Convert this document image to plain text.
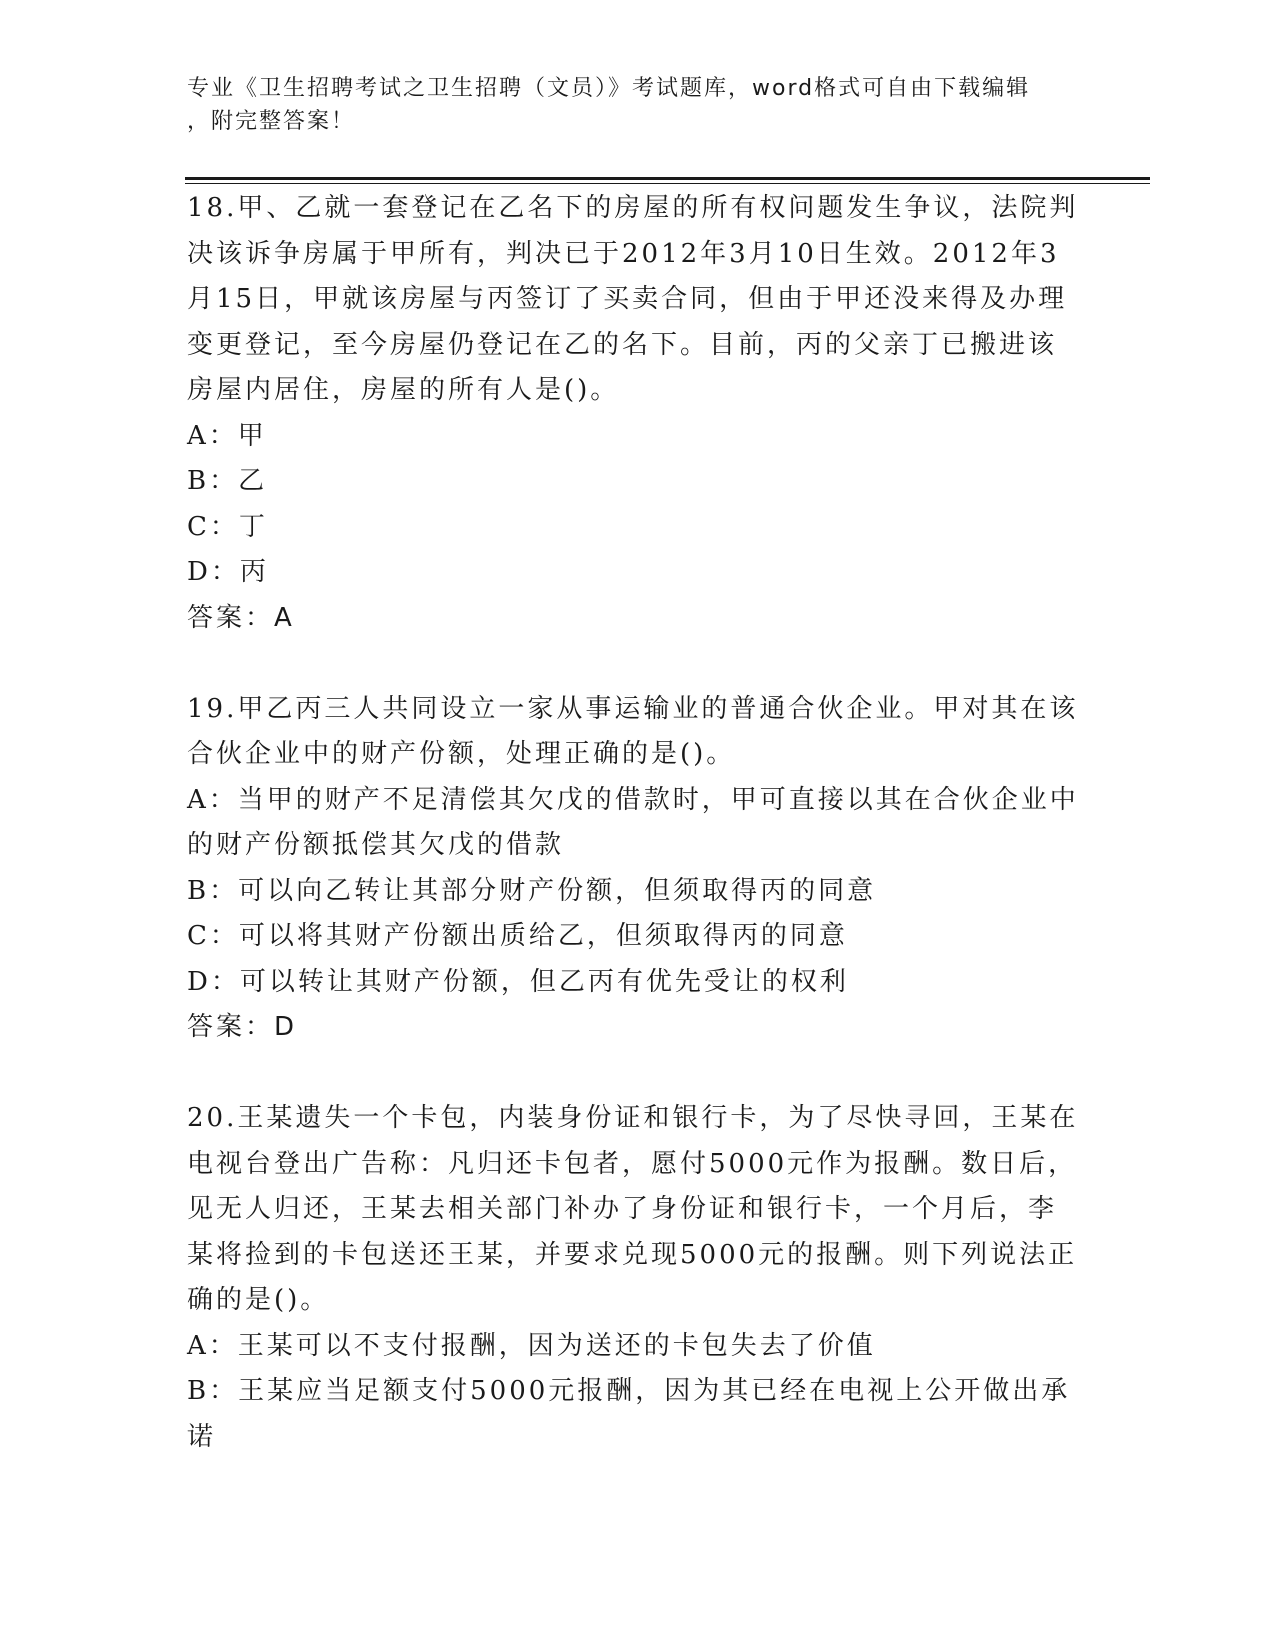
专业《卫生招聘考试之卫生招聘（文员）》考试题库，word格式可自由下载编辑
，附完整答案！
18.甲、乙就一套登记在乙名下的房屋的所有权问题发生争议，法院判
决该诉争房属于甲所有，判决已于2012年3月10日生效。2012年3
月15日，甲就该房屋与丙签订了买卖合同，但由于甲还没来得及办理
变更登记，至今房屋仍登记在乙的名下。目前，丙的父亲丁已搬进该
房屋内居住，房屋的所有人是()。
A：甲
B：乙
C：丁
D：丙
答案：A
19.甲乙丙三人共同设立一家从事运输业的普通合伙企业。甲对其在该
合伙企业中的财产份额，处理正确的是()。
A：当甲的财产不足清偿其欠戊的借款时，甲可直接以其在合伙企业中
的财产份额抵偿其欠戊的借款
B：可以向乙转让其部分财产份额，但须取得丙的同意
C：可以将其财产份额出质给乙，但须取得丙的同意
D：可以转让其财产份额，但乙丙有优先受让的权利
答案：D
20.王某遗失一个卡包，内装身份证和银行卡，为了尽快寻回，王某在
电视台登出广告称：凡归还卡包者，愿付5000元作为报酬。数日后，
见无人归还，王某去相关部门补办了身份证和银行卡，一个月后，李
某将捡到的卡包送还王某，并要求兑现5000元的报酬。则下列说法正
确的是()。
A：王某可以不支付报酬，因为送还的卡包失去了价值
B：王某应当足额支付5000元报酬，因为其已经在电视上公开做出承
诺
